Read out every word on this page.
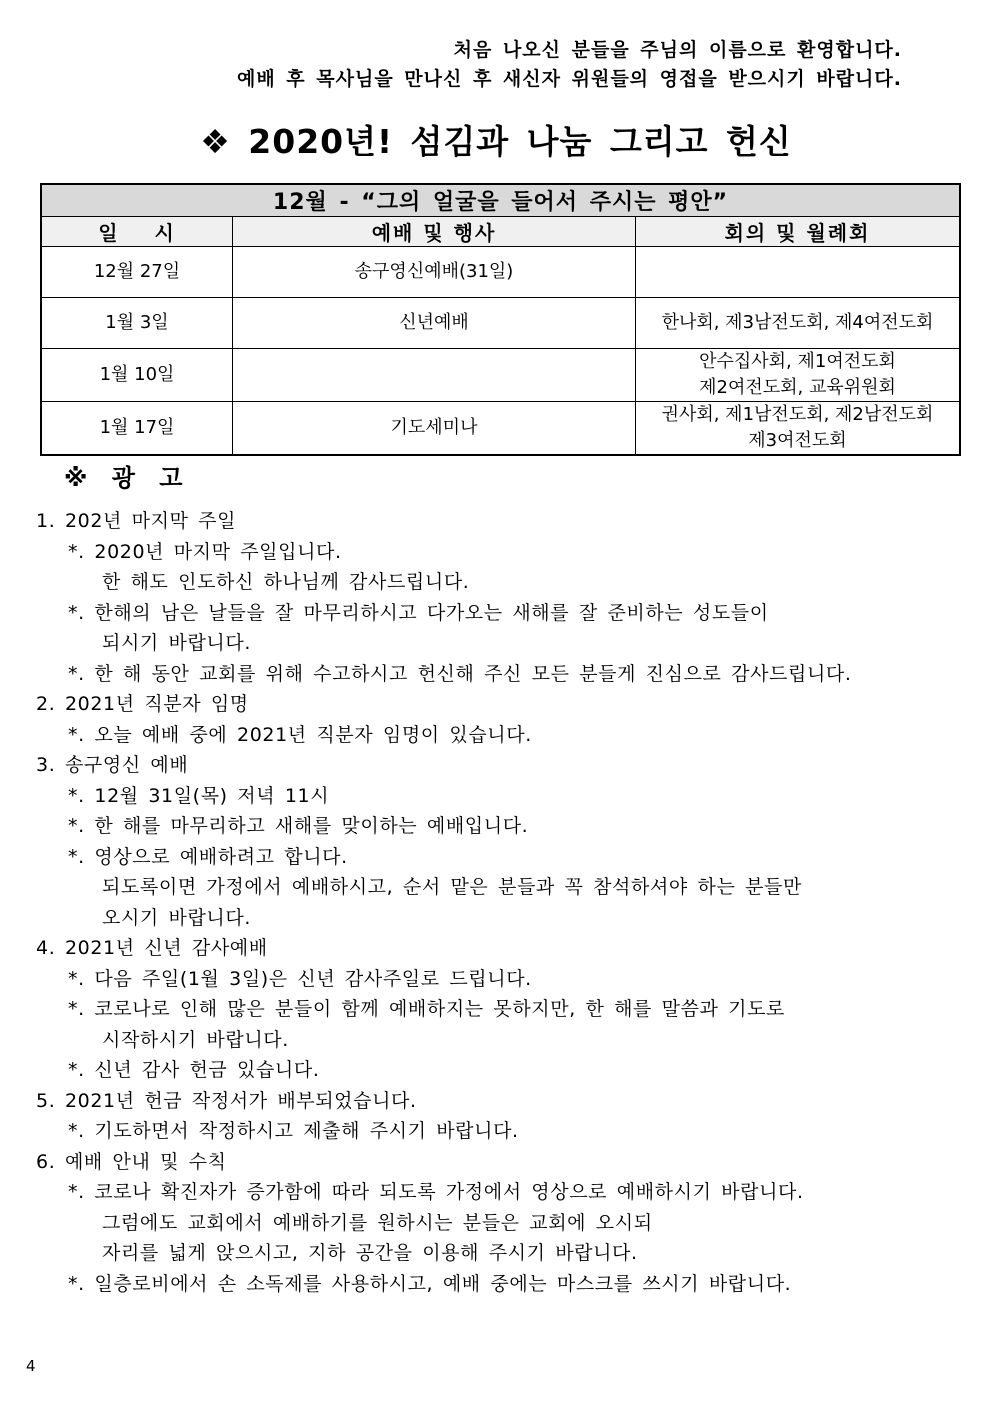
처음 나오신 분들을 주님의 이름으로 환영합니다.
예배 후 목사님을 만나신 후 새신자 위원들의 영접을 받으시기 바랍니다.
❖ 2020년! 섬김과 나눔 그리고 헌신
12월 - “그의 얼굴을 들어서 주시는 평안”		
일 시	예배 및 행사	회의 및 월례회
12월 27일	송구영신예배(31일)	

1월 3일	신년예배	한나회, 제3남전도회, 제4여전도회

1월 10일		안수집사회, 제1여전도회
제2여전도회, 교육위원회

1월 17일	기도세미나	권사회, 제1남전도회, 제2남전도회
제3여전도회
※ 광 고
1. 202년 마지막 주일
*. 2020년 마지막 주일입니다.
한 해도 인도하신 하나님께 감사드립니다.
*. 한해의 남은 날들을 잘 마무리하시고 다가오는 새해를 잘 준비하는 성도들이
되시기 바랍니다.
*. 한 해 동안 교회를 위해 수고하시고 헌신해 주신 모든 분들게 진심으로 감사드립니다.
2. 2021년 직분자 임명
*. 오늘 예배 중에 2021년 직분자 임명이 있습니다.
3. 송구영신 예배
*. 12월 31일(목) 저녁 11시
*. 한 해를 마무리하고 새해를 맞이하는 예배입니다.
*. 영상으로 예배하려고 합니다.
되도록이면 가정에서 예배하시고, 순서 맡은 분들과 꼭 참석하셔야 하는 분들만
오시기 바랍니다.
4. 2021년 신년 감사예배
*. 다음 주일(1월 3일)은 신년 감사주일로 드립니다.
*. 코로나로 인해 많은 분들이 함께 예배하지는 못하지만, 한 해를 말씀과 기도로
시작하시기 바랍니다.
*. 신년 감사 헌금 있습니다.
5. 2021년 헌금 작정서가 배부되었습니다.
*. 기도하면서 작정하시고 제출해 주시기 바랍니다.
6. 예배 안내 및 수칙
*. 코로나 확진자가 증가함에 따라 되도록 가정에서 영상으로 예배하시기 바랍니다.
그럼에도 교회에서 예배하기를 원하시는 분들은 교회에 오시되
자리를 넓게 앉으시고, 지하 공간을 이용해 주시기 바랍니다.
*. 일층로비에서 손 소독제를 사용하시고, 예배 중에는 마스크를 쓰시기 바랍니다.
4
